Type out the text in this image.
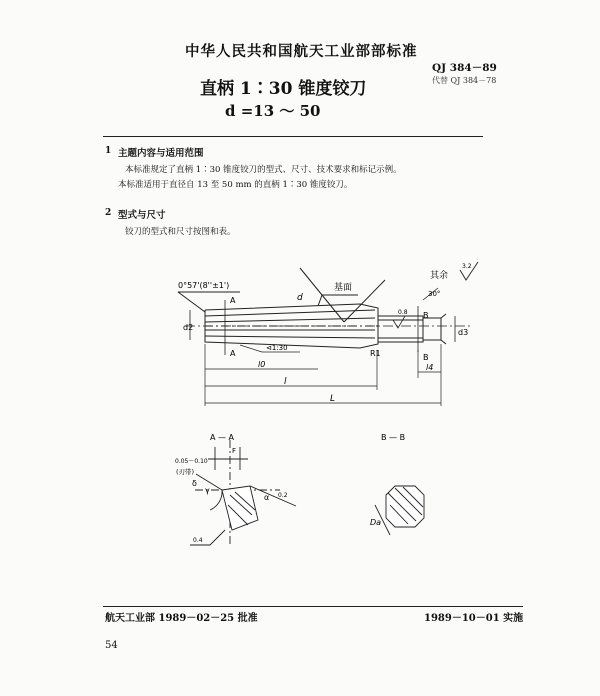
中华人民共和国航天工业部部标准
QJ 384－89
代替 QJ 384－78
直柄 1∶30 锥度铰刀
d =13 ～ 50
1 主题内容与适用范围
本标准规定了直柄 1∶30 锥度铰刀的型式、尺寸、技术要求和标记示例。
本标准适用于直径自 13 至 50 mm 的直柄 1∶30 锥度铰刀。
2 型式与尺寸
铰刀的型式和尺寸按图和表。
0°57'(8''±1')	基面
其余
3.2
0.8
30°
A
A
B
B
⊲1:30
d
d2
d3
l
l0	l4
L
R1
A — A
F
0.05～0.10
(刃带)
γ
δ
α
0.4
0.2
B — B
Da
航天工业部 1989－02－25 批准	1989－10－01 实施
54
